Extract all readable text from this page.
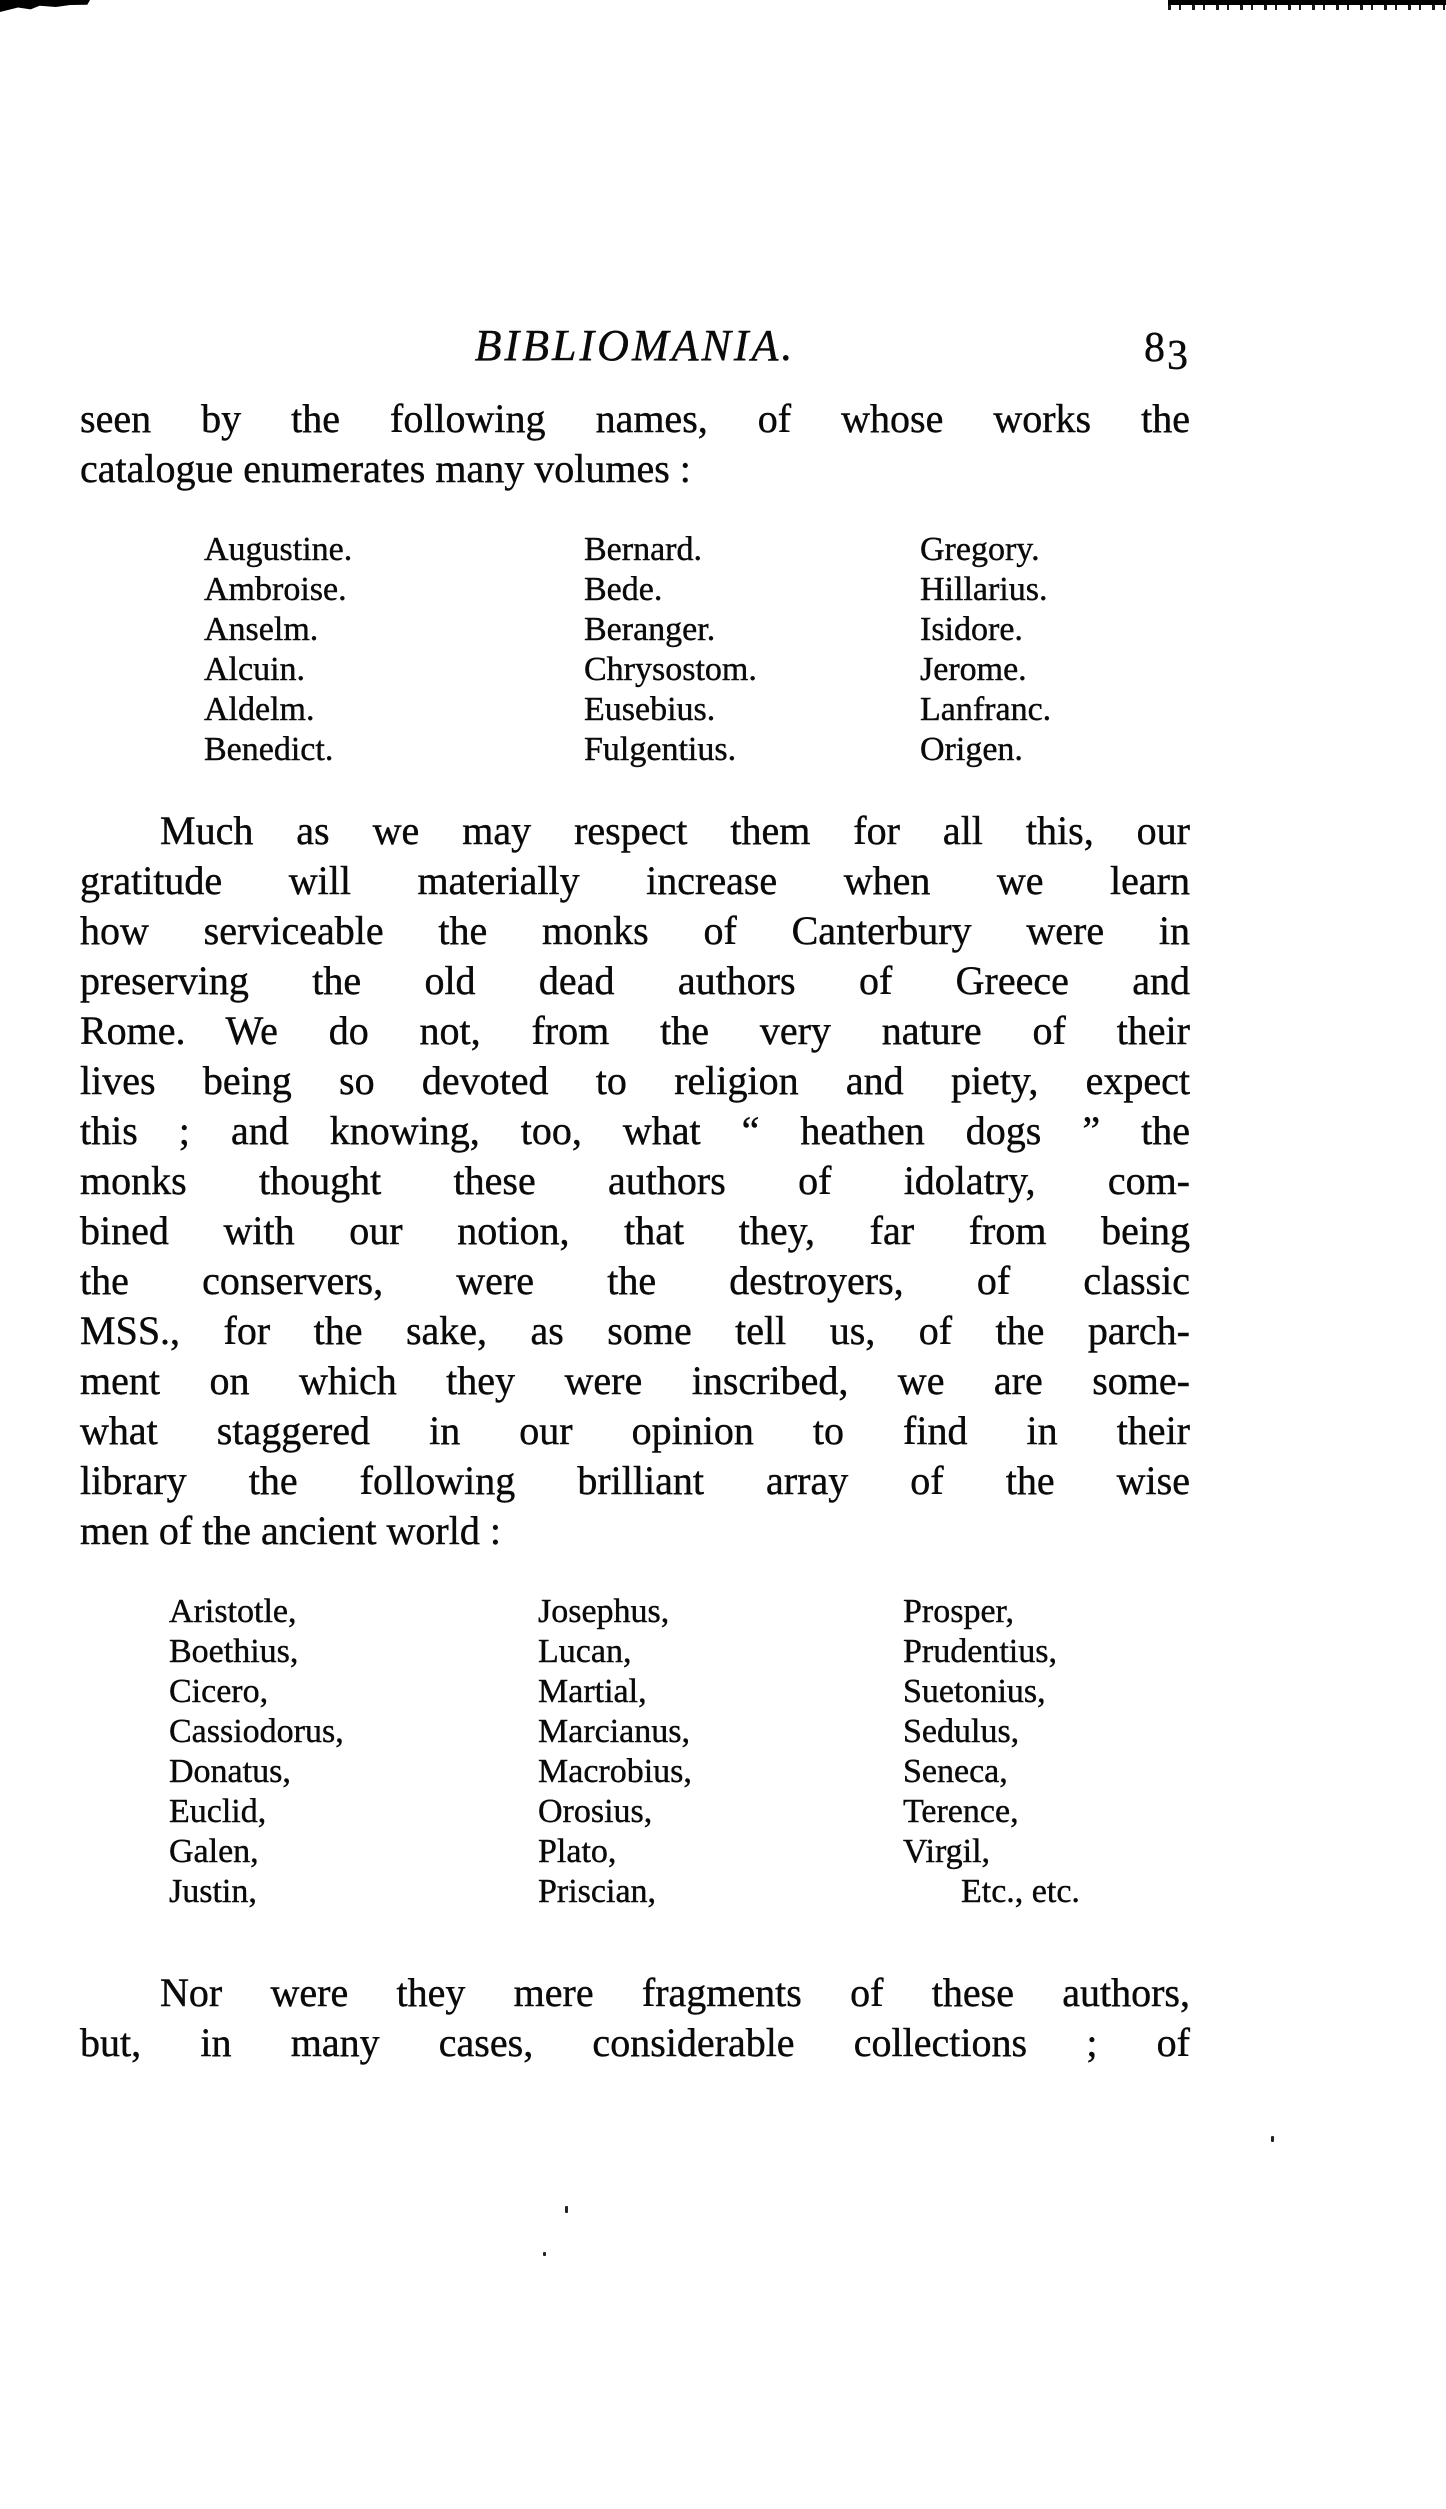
BIBLIOMANIA.	83
seen by the following names, of whose works the
catalogue enumerates many volumes :
Augustine.
Ambroise.
Anselm.
Alcuin.
Aldelm.
Benedict.
Bernard.
Bede.
Beranger.
Chrysostom.
Eusebius.
Fulgentius.
Gregory.
Hillarius.
Isidore.
Jerome.
Lanfranc.
Origen.
Much as we may respect them for all this, our
gratitude will materially increase when we learn
how serviceable the monks of Canterbury were in
preserving the old dead authors of Greece and
Rome. We do not, from the very nature of their
lives being so devoted to religion and piety, expect
this ; and knowing, too, what “ heathen dogs ” the
monks thought these authors of idolatry, com-
bined with our notion, that they, far from being
the conservers, were the destroyers, of classic
MSS., for the sake, as some tell us, of the parch-
ment on which they were inscribed, we are some-
what staggered in our opinion to find in their
library the following brilliant array of the wise
men of the ancient world :
Aristotle,
Boethius,
Cicero,
Cassiodorus,
Donatus,
Euclid,
Galen,
Justin,
Josephus,
Lucan,
Martial,
Marcianus,
Macrobius,
Orosius,
Plato,
Priscian,
Prosper,
Prudentius,
Suetonius,
Sedulus,
Seneca,
Terence,
Virgil,
Etc., etc.
Nor were they mere fragments of these authors,
but, in many cases, considerable collections ; of
